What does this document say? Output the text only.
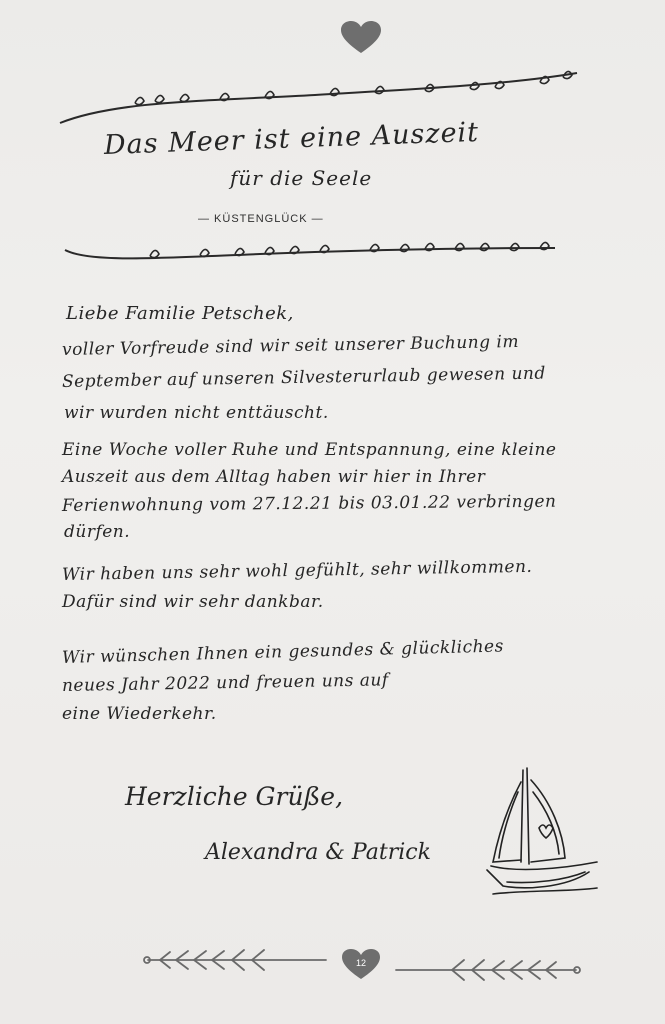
Das Meer ist eine Auszeit
für die Seele
— KÜSTENGLÜCK —
Liebe Familie Petschek,
voller Vorfreude sind wir seit unserer Buchung im
September auf unseren Silvesterurlaub gewesen und
wir wurden nicht enttäuscht.
Eine Woche voller Ruhe und Entspannung, eine kleine
Auszeit aus dem Alltag haben wir hier in Ihrer
Ferienwohnung vom 27.12.21 bis 03.01.22 verbringen
dürfen.
Wir haben uns sehr wohl gefühlt, sehr willkommen.
Dafür sind wir sehr dankbar.
Wir wünschen Ihnen ein gesundes & glückliches
neues Jahr 2022 und freuen uns auf
eine Wiederkehr.
Herzliche Grüße,
Alexandra & Patrick
12
